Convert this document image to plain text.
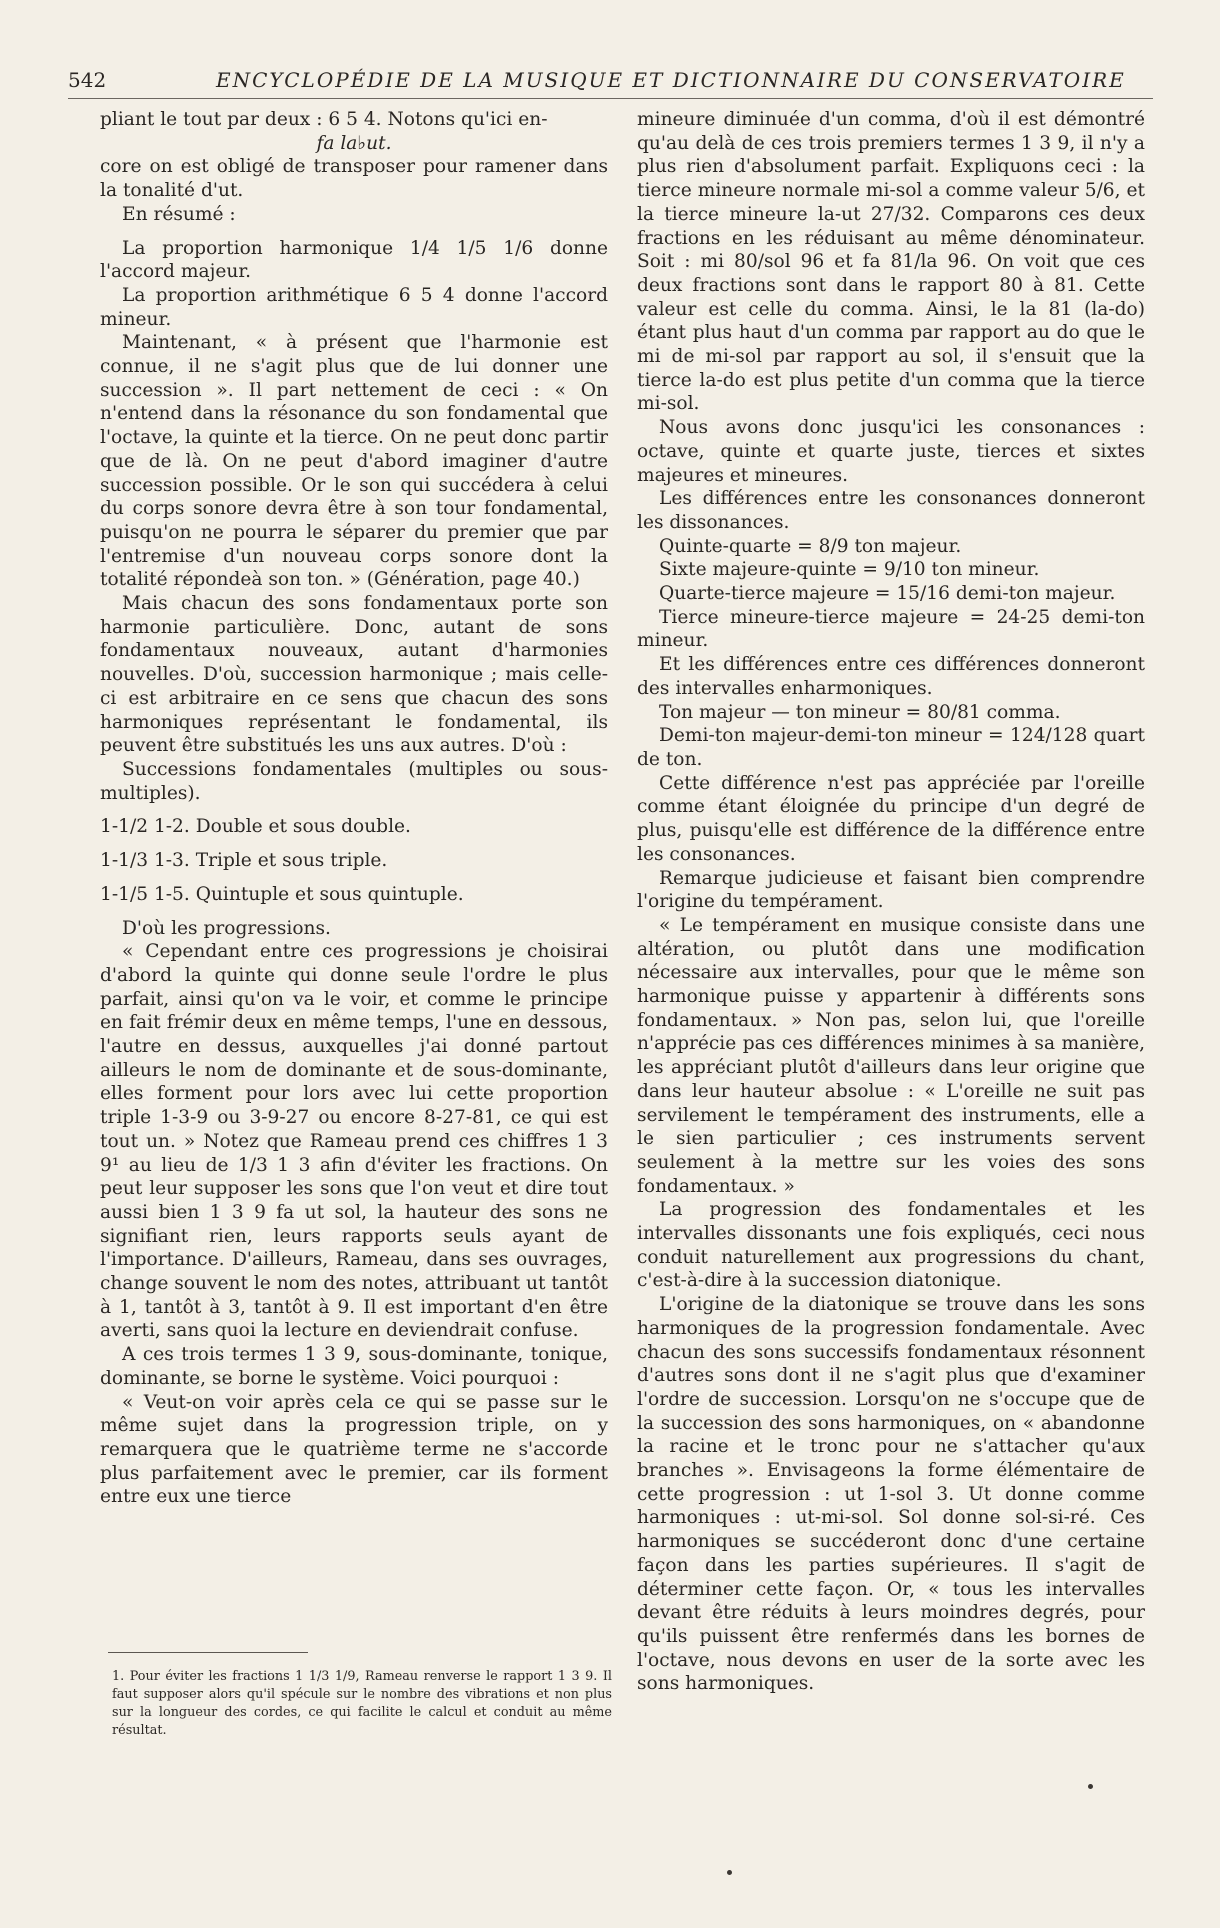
542	ENCYCLOPÉDIE DE LA MUSIQUE ET DICTIONNAIRE DU CONSERVATOIRE

pliant le tout par deux : 6 5 4. Notons qu'ici en-

fa la♭ut.

core on est obligé de transposer pour ramener dans la tonalité d'ut.

En résumé :

La proportion harmonique 1/4 1/5 1/6 donne l'accord majeur.

La proportion arithmétique 6 5 4 donne l'accord mineur.

Maintenant, « à présent que l'harmonie est connue, il ne s'agit plus que de lui donner une succession ». Il part nettement de ceci : « On n'entend dans la résonance du son fondamental que l'octave, la quinte et la tierce. On ne peut donc partir que de là. On ne peut d'abord imaginer d'autre succession possible. Or le son qui succédera à celui du corps sonore devra être à son tour fondamental, puisqu'on ne pourra le séparer du premier que par l'entremise d'un nouveau corps sonore dont la totalité répondeà son ton. » (Génération, page 40.)

Mais chacun des sons fondamentaux porte son harmonie particulière. Donc, autant de sons fondamentaux nouveaux, autant d'harmonies nouvelles. D'où, succession harmonique ; mais celle-ci est arbitraire en ce sens que chacun des sons harmoniques représentant le fondamental, ils peuvent être substitués les uns aux autres. D'où :

Successions fondamentales (multiples ou sous-multiples).

1-1/2 1-2. Double et sous double.

1-1/3 1-3. Triple et sous triple.

1-1/5 1-5. Quintuple et sous quintuple.

D'où les progressions.

« Cependant entre ces progressions je choisirai d'abord la quinte qui donne seule l'ordre le plus parfait, ainsi qu'on va le voir, et comme le principe en fait frémir deux en même temps, l'une en dessous, l'autre en dessus, auxquelles j'ai donné partout ailleurs le nom de dominante et de sous-dominante, elles forment pour lors avec lui cette proportion triple 1-3-9 ou 3-9-27 ou encore 8-27-81, ce qui est tout un. » Notez que Rameau prend ces chiffres 1 3 9¹ au lieu de 1/3 1 3 afin d'éviter les fractions. On peut leur supposer les sons que l'on veut et dire tout aussi bien 1 3 9 fa ut sol, la hauteur des sons ne signifiant rien, leurs rapports seuls ayant de l'importance. D'ailleurs, Rameau, dans ses ouvrages, change souvent le nom des notes, attribuant ut tantôt à 1, tantôt à 3, tantôt à 9. Il est important d'en être averti, sans quoi la lecture en deviendrait confuse.

A ces trois termes 1 3 9, sous-dominante, tonique, dominante, se borne le système. Voici pourquoi :

« Veut-on voir après cela ce qui se passe sur le même sujet dans la progression triple, on y remarquera que le quatrième terme ne s'accorde plus parfaitement avec le premier, car ils forment entre eux une tierce

mineure diminuée d'un comma, d'où il est démontré qu'au delà de ces trois premiers termes 1 3 9, il n'y a plus rien d'absolument parfait. Expliquons ceci : la tierce mineure normale mi-sol a comme valeur 5/6, et la tierce mineure la-ut 27/32. Comparons ces deux fractions en les réduisant au même dénominateur. Soit : mi 80/sol 96 et fa 81/la 96. On voit que ces deux fractions sont dans le rapport 80 à 81. Cette valeur est celle du comma. Ainsi, le la 81 (la-do) étant plus haut d'un comma par rapport au do que le mi de mi-sol par rapport au sol, il s'ensuit que la tierce la-do est plus petite d'un comma que la tierce mi-sol.

Nous avons donc jusqu'ici les consonances : octave, quinte et quarte juste, tierces et sixtes majeures et mineures.

Les différences entre les consonances donneront les dissonances.

Quinte-quarte = 8/9 ton majeur.

Sixte majeure-quinte = 9/10 ton mineur.

Quarte-tierce majeure = 15/16 demi-ton majeur.

Tierce mineure-tierce majeure = 24-25 demi-ton mineur.

Et les différences entre ces différences donneront des intervalles enharmoniques.

Ton majeur — ton mineur = 80/81 comma.

Demi-ton majeur-demi-ton mineur = 124/128 quart de ton.

Cette différence n'est pas appréciée par l'oreille comme étant éloignée du principe d'un degré de plus, puisqu'elle est différence de la différence entre les consonances.

Remarque judicieuse et faisant bien comprendre l'origine du tempérament.

« Le tempérament en musique consiste dans une altération, ou plutôt dans une modification nécessaire aux intervalles, pour que le même son harmonique puisse y appartenir à différents sons fondamentaux. » Non pas, selon lui, que l'oreille n'apprécie pas ces différences minimes à sa manière, les appréciant plutôt d'ailleurs dans leur origine que dans leur hauteur absolue : « L'oreille ne suit pas servilement le tempérament des instruments, elle a le sien particulier ; ces instruments servent seulement à la mettre sur les voies des sons fondamentaux. »

La progression des fondamentales et les intervalles dissonants une fois expliqués, ceci nous conduit naturellement aux progressions du chant, c'est-à-dire à la succession diatonique.

L'origine de la diatonique se trouve dans les sons harmoniques de la progression fondamentale. Avec chacun des sons successifs fondamentaux résonnent d'autres sons dont il ne s'agit plus que d'examiner l'ordre de succession. Lorsqu'on ne s'occupe que de la succession des sons harmoniques, on « abandonne la racine et le tronc pour ne s'attacher qu'aux branches ». Envisageons la forme élémentaire de cette progression : ut 1-sol 3. Ut donne comme harmoniques : ut-mi-sol. Sol donne sol-si-ré. Ces harmoniques se succéderont donc d'une certaine façon dans les parties supérieures. Il s'agit de déterminer cette façon. Or, « tous les intervalles devant être réduits à leurs moindres degrés, pour qu'ils puissent être renfermés dans les bornes de l'octave, nous devons en user de la sorte avec les sons harmoniques.

1. Pour éviter les fractions 1 1/3 1/9, Rameau renverse le rapport 1 3 9. Il faut supposer alors qu'il spécule sur le nombre des vibrations et non plus sur la longueur des cordes, ce qui facilite le calcul et conduit au même résultat.
